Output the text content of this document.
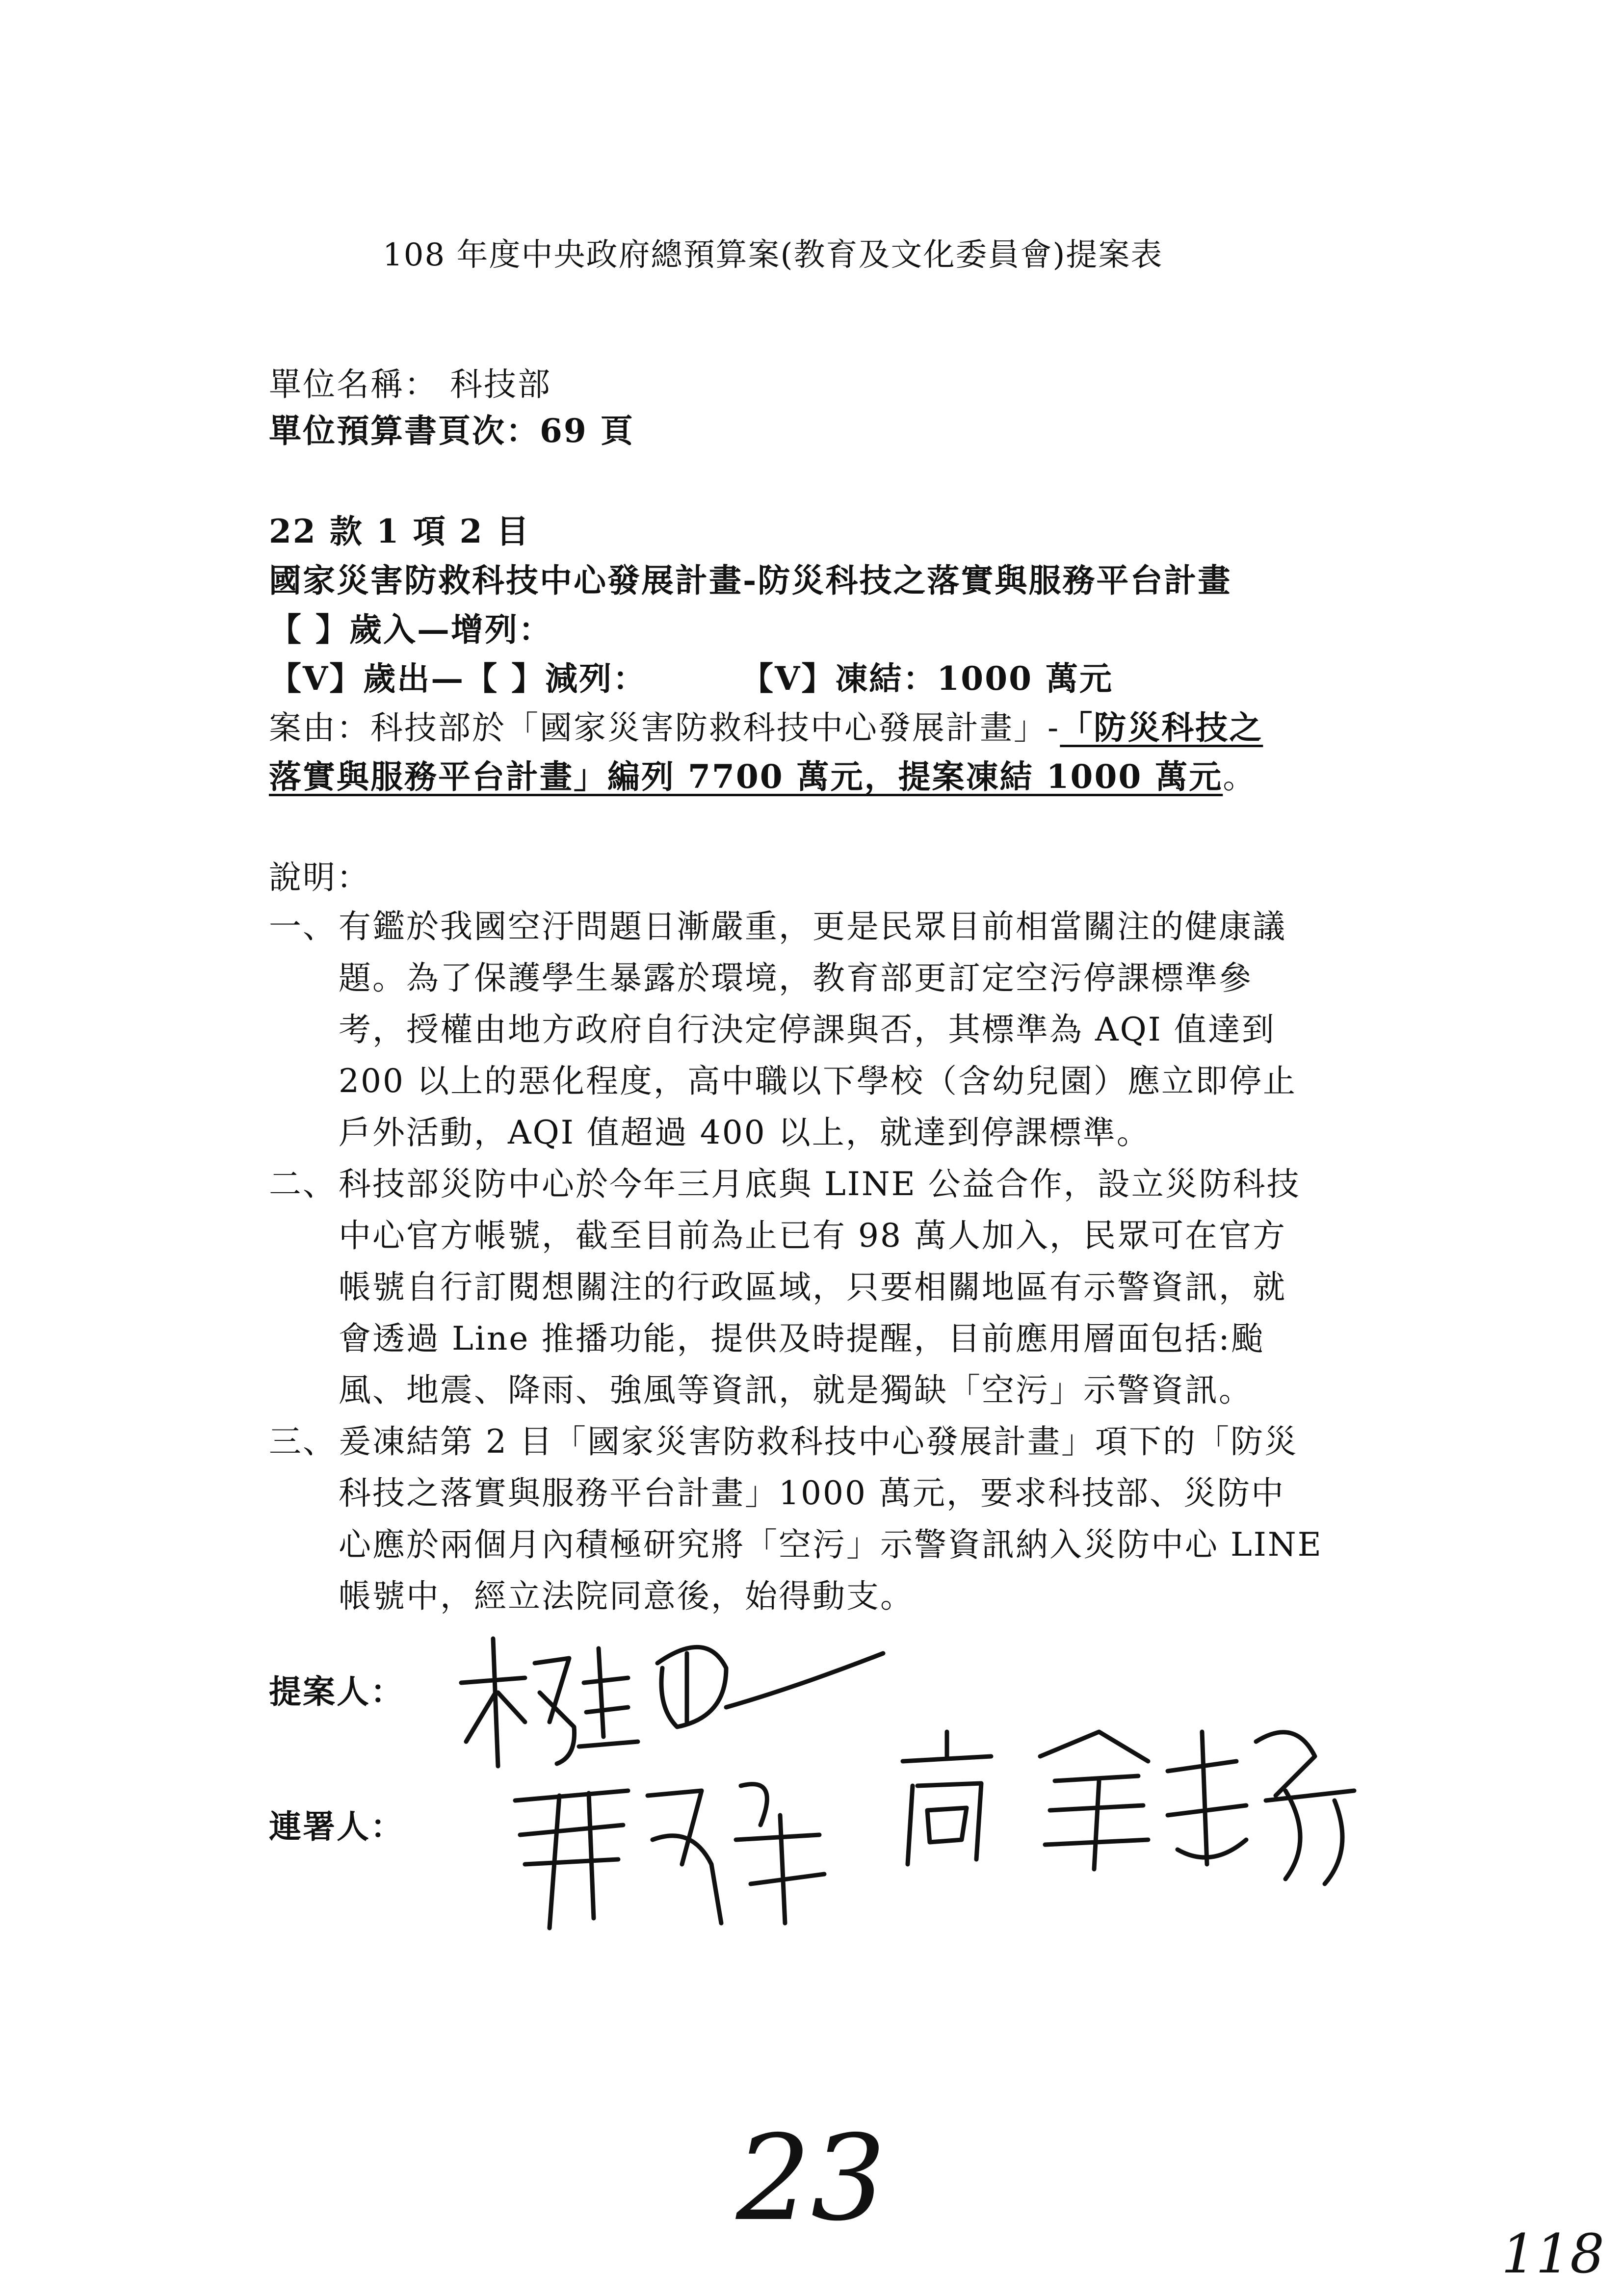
108 年度中央政府總預算案(教育及文化委員會)提案表
單位名稱： 科技部
單位預算書頁次：69 頁
22 款 1 項 2 目
國家災害防救科技中心發展計畫-防災科技之落實與服務平台計畫
【 】歲入—增列：
【V】歲出—【 】減列：	【V】凍結：1000 萬元
案由：科技部於「國家災害防救科技中心發展計畫」-「防災科技之
落實與服務平台計畫」編列 7700 萬元，提案凍結 1000 萬元。
說明：
一、 有鑑於我國空汙問題日漸嚴重，更是民眾目前相當關注的健康議
題。為了保護學生暴露於環境，教育部更訂定空污停課標準參
考，授權由地方政府自行決定停課與否，其標準為 AQI 值達到
200 以上的惡化程度，高中職以下學校（含幼兒園）應立即停止
戶外活動，AQI 值超過 400 以上，就達到停課標準。
二、 科技部災防中心於今年三月底與 LINE 公益合作，設立災防科技
中心官方帳號，截至目前為止已有 98 萬人加入，民眾可在官方
帳號自行訂閱想關注的行政區域，只要相關地區有示警資訊，就
會透過 Line 推播功能，提供及時提醒，目前應用層面包括:颱
風、地震、降雨、強風等資訊，就是獨缺「空污」示警資訊。
三、 爰凍結第 2 目「國家災害防救科技中心發展計畫」項下的「防災
科技之落實與服務平台計畫」1000 萬元，要求科技部、災防中
心應於兩個月內積極研究將「空污」示警資訊納入災防中心 LINE
帳號中，經立法院同意後，始得動支。
提案人：
連署人：
23
118
